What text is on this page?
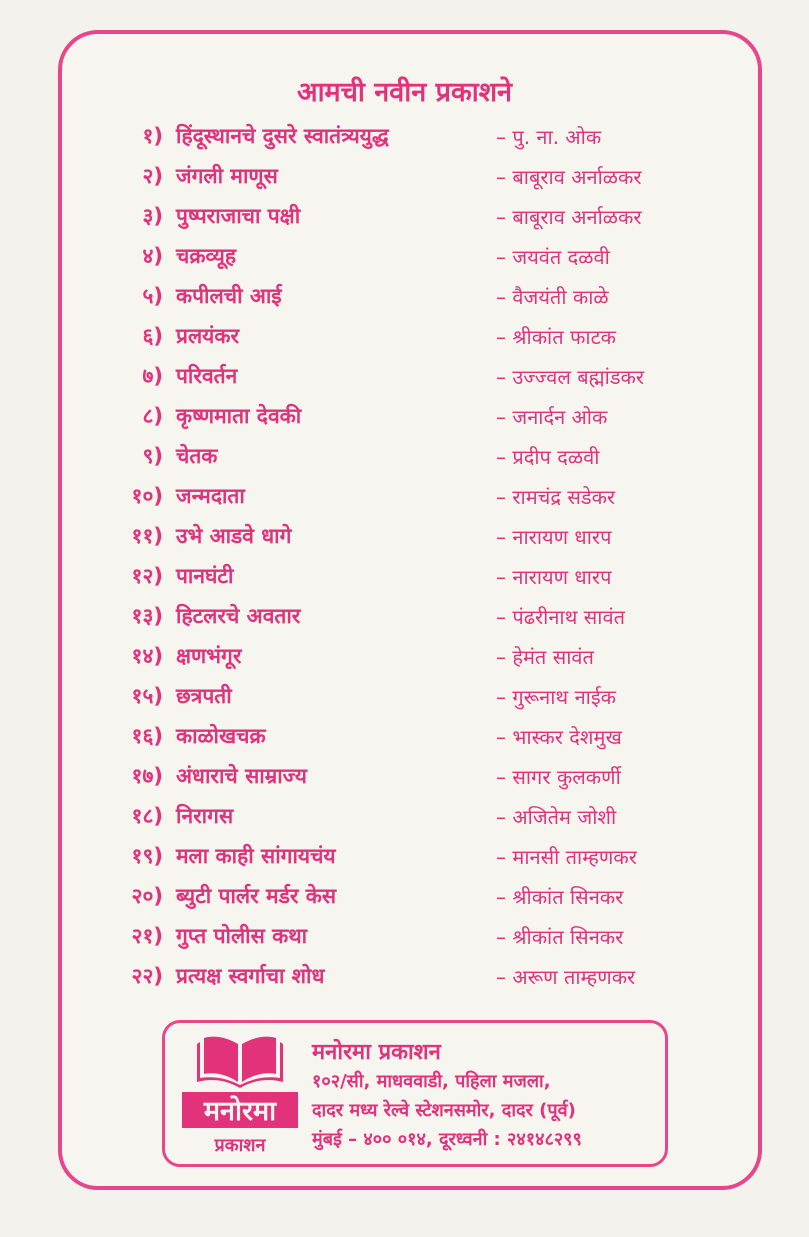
आमची नवीन प्रकाशने
१) हिंदूस्थानचे दुसरे स्वातंत्र्ययुद्ध	– पु. ना. ओक
२) जंगली माणूस	– बाबूराव अर्नाळकर
३) पुष्पराजाचा पक्षी	– बाबूराव अर्नाळकर
४) चक्रव्यूह	– जयवंत दळवी
५) कपीलची आई	– वैजयंती काळे
६) प्रलयंकर	– श्रीकांत फाटक
७) परिवर्तन	– उज्ज्वल बह्मांडकर
८) कृष्णमाता देवकी	– जनार्दन ओक
९) चेतक	– प्रदीप दळवी
१०) जन्मदाता	– रामचंद्र सडेकर
११) उभे आडवे धागे	– नारायण धारप
१२) पानघंटी	– नारायण धारप
१३) हिटलरचे अवतार	– पंढरीनाथ सावंत
१४) क्षणभंगूर	– हेमंत सावंत
१५) छत्रपती	– गुरूनाथ नाईक
१६) काळोखचक्र	– भास्कर देशमुख
१७) अंधाराचे साम्राज्य	– सागर कुलकर्णी
१८) निरागस	– अजितेम जोशी
१९) मला काही सांगायचंय	– मानसी ताम्हणकर
२०) ब्युटी पार्लर मर्डर केस	– श्रीकांत सिनकर
२१) गुप्त पोलीस कथा	– श्रीकांत सिनकर
२२) प्रत्यक्ष स्वर्गाचा शोध	– अरूण ताम्हणकर
मनोरमा
प्रकाशन
मनोरमा प्रकाशन
१०२/सी, माधववाडी, पहिला मजला,
दादर मध्य रेल्वे स्टेशनसमोर, दादर (पूर्व)
मुंबई – ४०० ०१४, दूरध्वनी : २४१४८२९९
